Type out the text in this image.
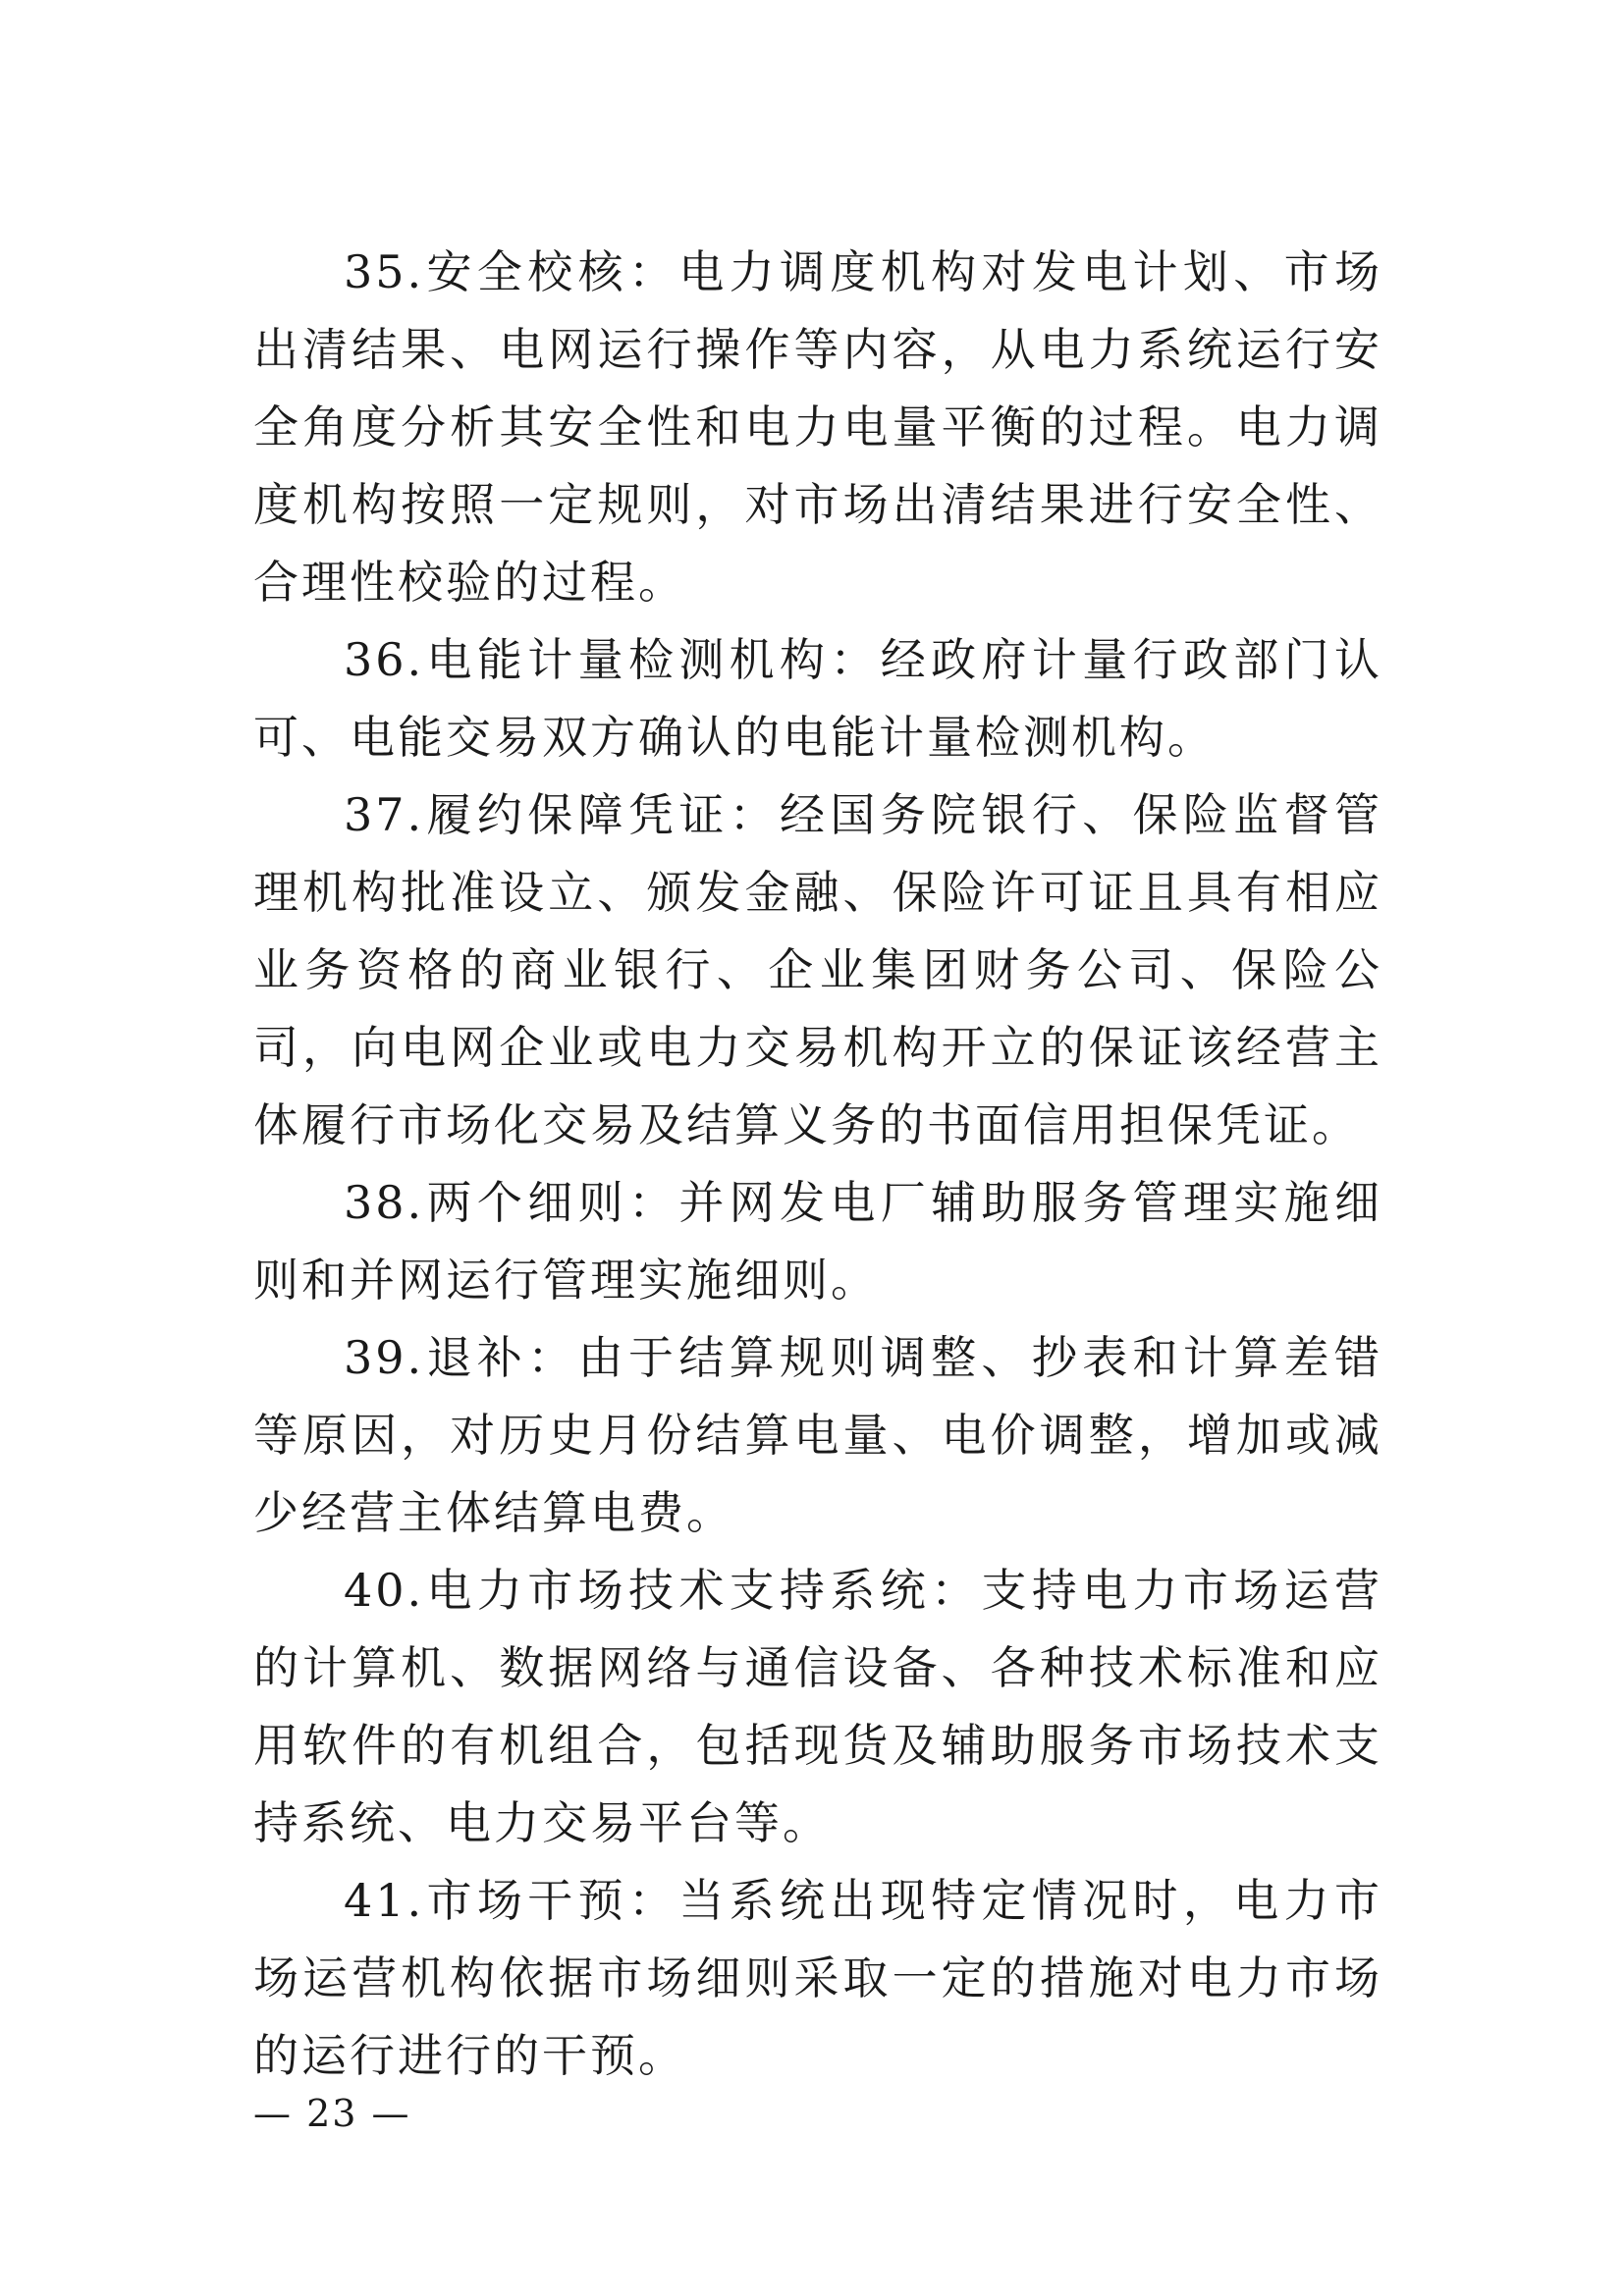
35.安全校核：电力调度机构对发电计划、市场出清结果、电网运行操作等内容，从电力系统运行安全角度分析其安全性和电力电量平衡的过程。电力调度机构按照一定规则，对市场出清结果进行安全性、合理性校验的过程。

36.电能计量检测机构：经政府计量行政部门认可、电能交易双方确认的电能计量检测机构。

37.履约保障凭证：经国务院银行、保险监督管理机构批准设立、颁发金融、保险许可证且具有相应业务资格的商业银行、企业集团财务公司、保险公司，向电网企业或电力交易机构开立的保证该经营主体履行市场化交易及结算义务的书面信用担保凭证。

38.两个细则：并网发电厂辅助服务管理实施细则和并网运行管理实施细则。

39.退补：由于结算规则调整、抄表和计算差错等原因，对历史月份结算电量、电价调整，增加或减少经营主体结算电费。

40.电力市场技术支持系统：支持电力市场运营的计算机、数据网络与通信设备、各种技术标准和应用软件的有机组合，包括现货及辅助服务市场技术支持系统、电力交易平台等。

41.市场干预：当系统出现特定情况时，电力市场运营机构依据市场细则采取一定的措施对电力市场的运行进行的干预。

— 23 —
